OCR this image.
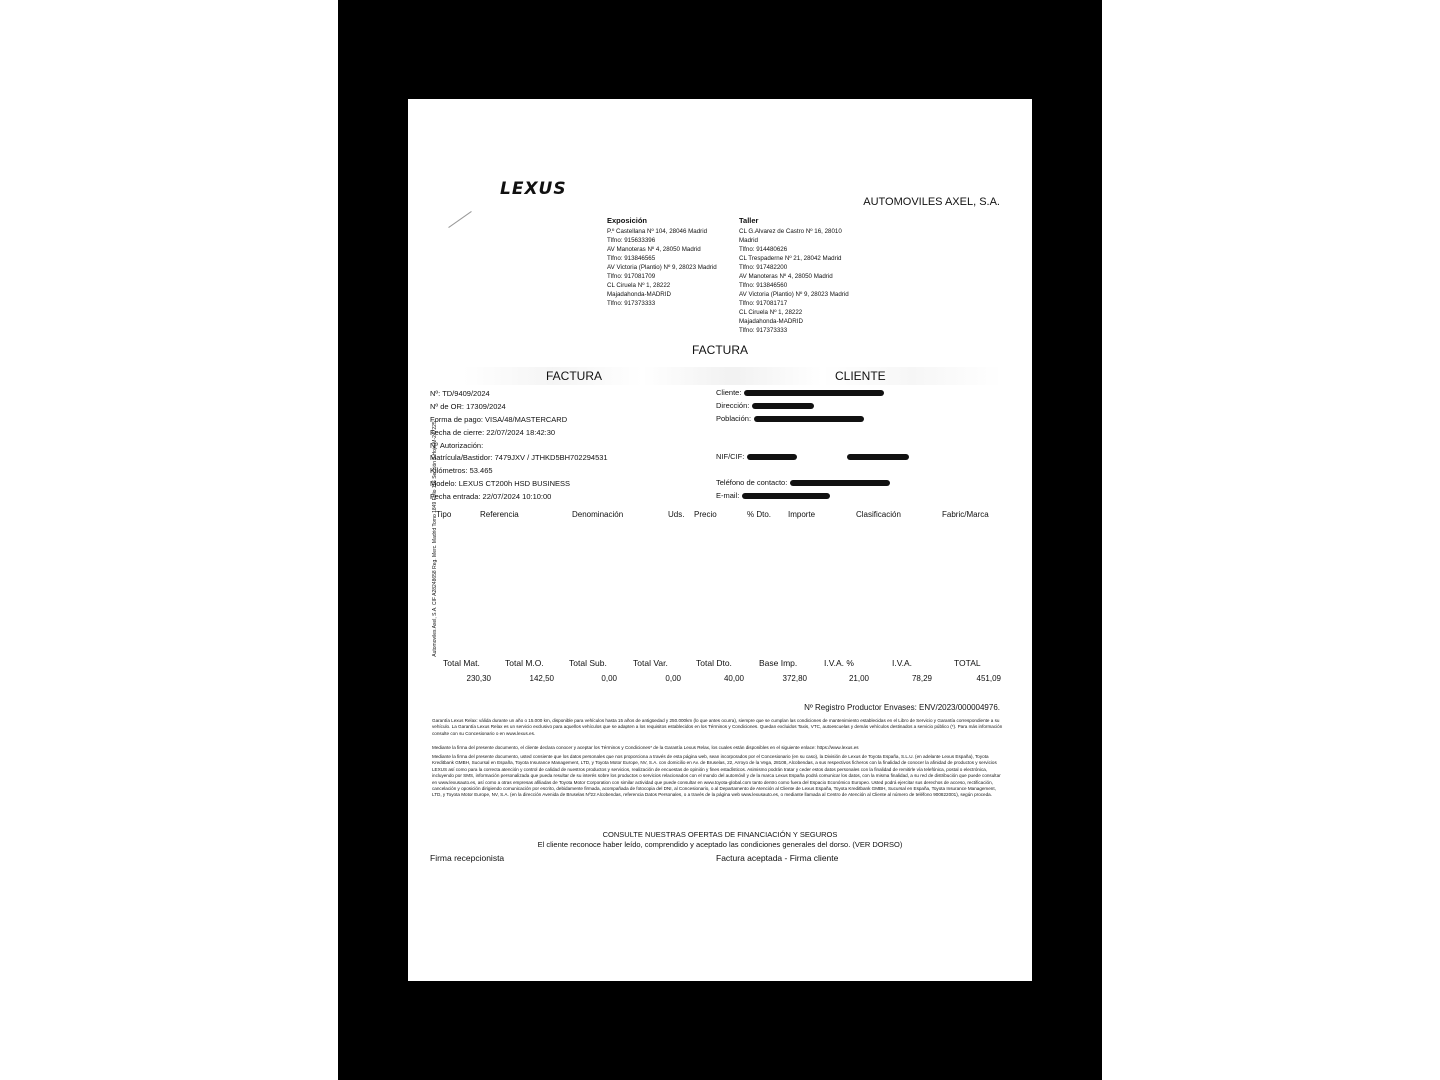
LEXUS
AUTOMOVILES AXEL, S.A.
Exposición
P.º Castellana Nº 104, 28046 Madrid
Tlfno: 915633396
AV Manoteras Nº 4, 28050 Madrid
Tlfno: 913846565
AV Victoria (Plantio) Nº 9, 28023 Madrid
Tlfno: 917081709
CL Ciruela Nº 1, 28222
Majadahonda-MADRID
Tlfno: 917373333
Taller
CL G.Alvarez de Castro Nº 16, 28010
Madrid
Tlfno: 914480626
CL Trespaderne Nº 21, 28042 Madrid
Tlfno: 917482200
AV Manoteras Nº 4, 28050 Madrid
Tlfno: 913846560
AV Victoria (Plantio) Nº 9, 28023 Madrid
Tlfno: 917081717
CL Ciruela Nº 1, 28222
Majadahonda-MADRID
Tlfno: 917373333
FACTURA
FACTURA	CLIENTE
Automoviles Axel, S.A. CIF A28248658 Reg. Merc. Madrid Tomo 1849 Folio 116 Sección 8 Hoja M-247225
Nº: TD/9409/2024
Nº de OR: 17309/2024
Forma de pago: VISA/48/MASTERCARD
Fecha de cierre: 22/07/2024 18:42:30
Nº Autorización:
Matrícula/Bastidor: 7479JXV / JTHKD5BH702294531
Kilómetros: 53.465
Modelo: LEXUS CT200h HSD BUSINESS
Fecha entrada: 22/07/2024 10:10:00
Cliente:
Dirección:
Población:
NIF/CIF:
Teléfono de contacto:
E-mail:
Tipo	Referencia	Denominación	Uds. Precio	% Dto. Importe	Clasificación	Fabric/Marca
Total Mat.	Total M.O.	Total Sub.	Total Var.	Total Dto.	Base Imp.	I.V.A. %	I.V.A.	TOTAL
230,30	142,50	0,00	0,00	40,00	372,80	21,00	78,29	451,09
Nº Registro Productor Envases: ENV/2023/000004976.
Garantía Lexus Relax: válida durante un año o 15.000 km, disponible para vehículos hasta 15 años de antigüedad y 250.000km (lo que antes ocurra), siempre que se cumplan las condiciones de mantenimiento establecidas en el Libro de Servicio y Garantía correspondiente a su vehículo. La Garantía Lexus Relax es un servicio exclusivo para aquellos vehículos que se adapten a los requisitos establecidos en los Términos y Condiciones. Quedan excluidos Taxis, VTC, autoescuelas y demás vehículos destinados a servicio público (*). Para más información consulte con su Concesionario o en www.lexus.es.
Mediante la firma del presente documento, el cliente declara conocer y aceptar los Términos y Condiciones* de la Garantía Lexus Relax, los cuales están disponibles en el siguiente enlace: https://www.lexus.es
Mediante la firma del presente documento, usted consiente que los datos personales que nos proporciona a través de esta página web, sean incorporados por el Concesionario (en su caso), la División de Lexus de Toyota España, S.L.U. (en adelante Lexus España), Toyota Kreditbank GMBH, Sucursal en España, Toyota Insurance Management, LTD, y Toyota Motor Europe, NV, S.A. con domicilio en Av. de Bruselas, 22, Arroyo de la Vega, 28108, Alcobendas, a sus respectivos ficheros con la finalidad de conocer la afinidad de productos y servicios LEXUS así como para la correcta atención y control de calidad de nuestros productos y servicios, realización de encuestas de opinión y fines estadísticos. Asimismo podrán tratar y ceder estos datos personales con la finalidad de remitirle vía telefónica, postal o electrónica, incluyendo por SMS, información personalizada que pueda resultar de su interés sobre los productos o servicios relacionados con el mundo del automóvil y de la marca Lexus España podrá comunicar los datos, con la misma finalidad, a su red de distribución que puede consultar en www.lexusauto.es, así como a otras empresas afiliadas de Toyota Motor Corporation con similar actividad que puede consultar en www.toyota-global.com tanto dentro como fuera del Espacio Económico Europeo. Usted podrá ejercitar sus derechos de acceso, rectificación, cancelación y oposición dirigiendo comunicación por escrito, debidamente firmada, acompañada de fotocopia del DNI, al Concesionario, o al Departamento de Atención al Cliente de Lexus España, Toyota Kreditbank GMBH, Sucursal en España, Toyota Insurance Management, LTD, y Toyota Motor Europe, NV, S.A. (en la dirección Avenida de Bruselas Nº22 Alcobendas, referencia Datos Personales, o a través de la página web www.lexusauto.es, o mediante llamada al Centro de Atención al Cliente al número de teléfono 900822001), según proceda.
CONSULTE NUESTRAS OFERTAS DE FINANCIACIÓN Y SEGUROS
El cliente reconoce haber leído, comprendido y aceptado las condiciones generales del dorso. (VER DORSO)
Firma recepcionista	Factura aceptada - Firma cliente
